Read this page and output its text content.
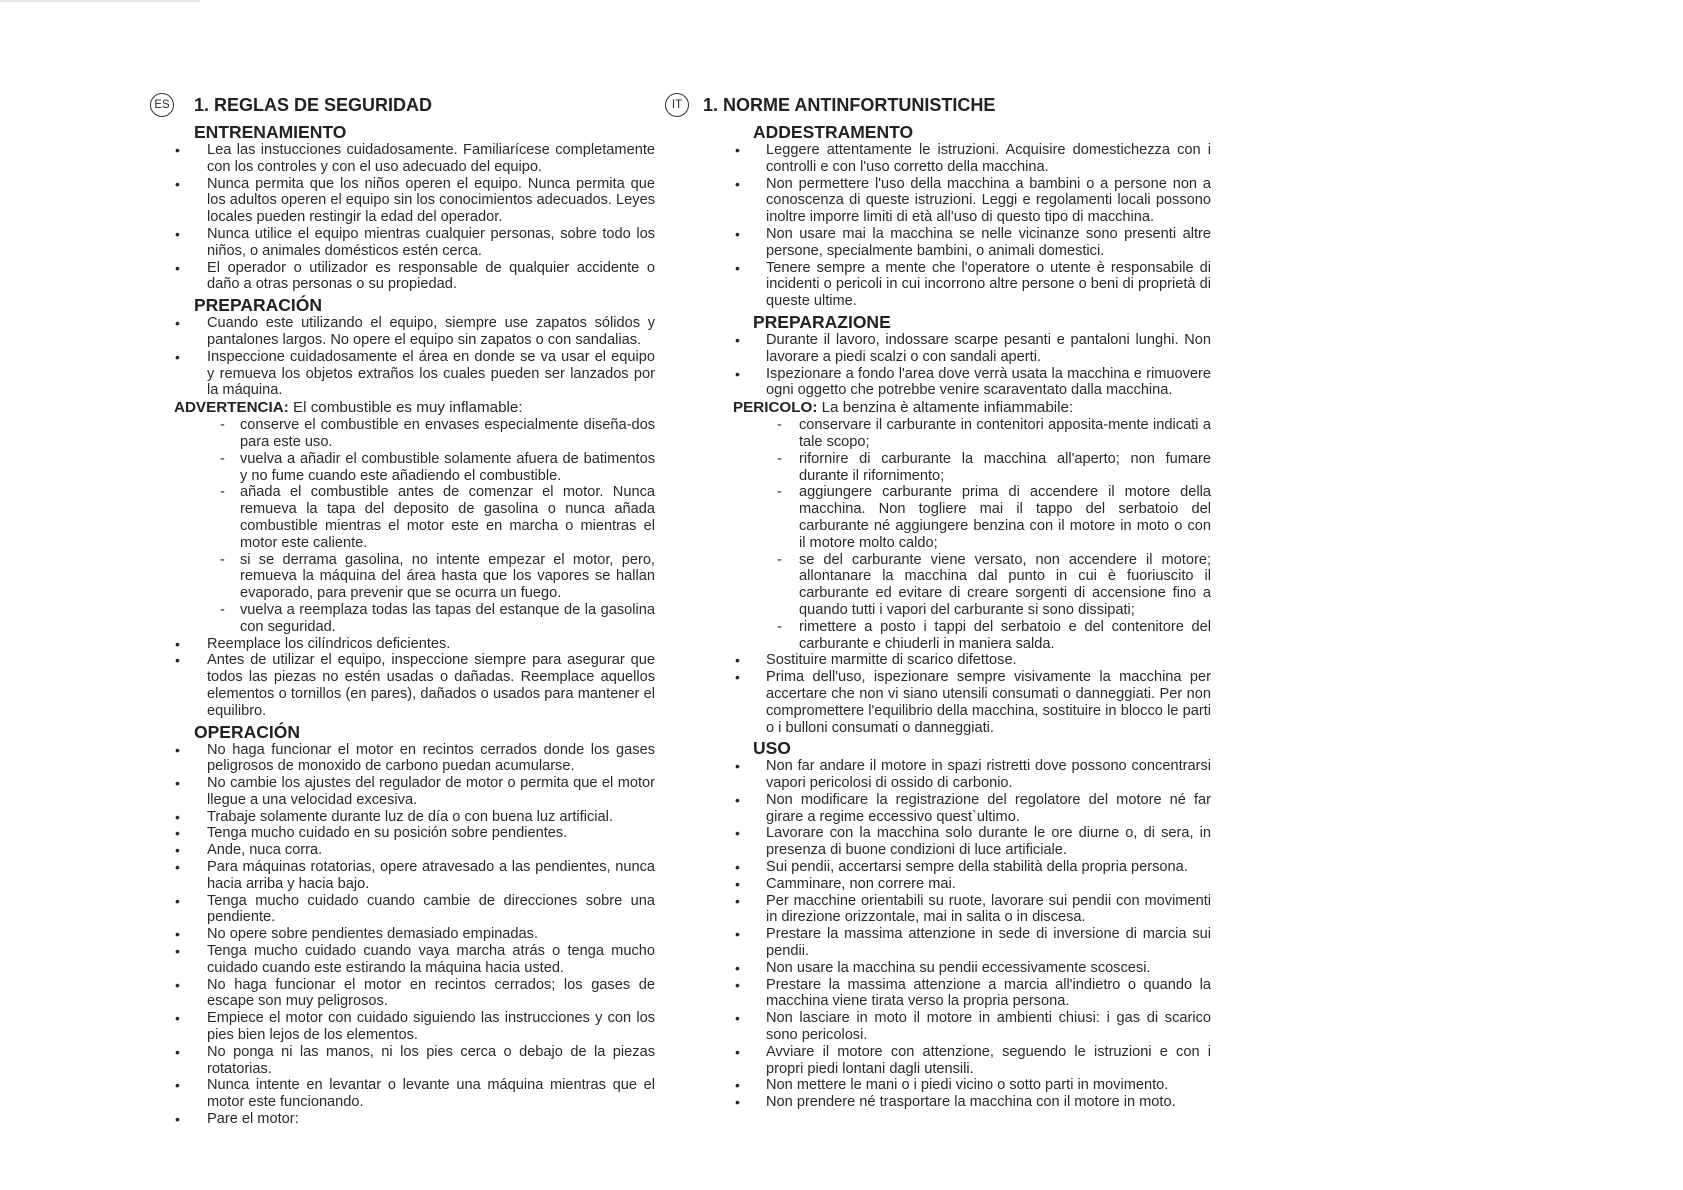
ES 1. REGLAS DE SEGURIDAD
ENTRENAMIENTO
• Lea las instucciones cuidadosamente. Familiarícese completamente con los controles y con el uso adecuado del equipo.
• Nunca permita que los niños operen el equipo. Nunca permita que los adultos operen el equipo sin los conocimientos adecuados. Leyes locales pueden restingir la edad del operador.
• Nunca utilice el equipo mientras cualquier personas, sobre todo los niños, o animales domésticos estén cerca.
• El operador o utilizador es responsable de qualquier accidente o daño a otras personas o su propiedad.
PREPARACIÓN
• Cuando este utilizando el equipo, siempre use zapatos sólidos y pantalones largos. No opere el equipo sin zapatos o con sandalias.
• Inspeccione cuidadosamente el área en donde se va usar el equipo y remueva los objetos extraños los cuales pueden ser lanzados por la máquina.
ADVERTENCIA: El combustible es muy inflamable:
- conserve el combustible en envases especialmente diseña-dos para este uso.
- vuelva a añadir el combustible solamente afuera de batimentos y no fume cuando este añadiendo el combustible.
- añada el combustible antes de comenzar el motor. Nunca remueva la tapa del deposito de gasolina o nunca añada combustible mientras el motor este en marcha o mientras el motor este caliente.
- si se derrama gasolina, no intente empezar el motor, pero, remueva la máquina del área hasta que los vapores se hallan evaporado, para prevenir que se ocurra un fuego.
- vuelva a reemplaza todas las tapas del estanque de la gasolina con seguridad.
• Reemplace los cilíndricos deficientes.
• Antes de utilizar el equipo, inspeccione siempre para asegurar que todos las piezas no estén usadas o dañadas. Reemplace aquellos elementos o tornillos (en pares), dañados o usados para mantener el equilibro.
OPERACIÓN
• No haga funcionar el motor en recintos cerrados donde los gases peligrosos de monoxido de carbono puedan acumularse.
• No cambie los ajustes del regulador de motor o permita que el motor llegue a una velocidad excesiva.
• Trabaje solamente durante luz de día o con buena luz artificial.
• Tenga mucho cuidado en su posición sobre pendientes.
• Ande, nuca corra.
• Para máquinas rotatorias, opere atravesado a las pendientes, nunca hacia arriba y hacia bajo.
• Tenga mucho cuidado cuando cambie de direcciones sobre una pendiente.
• No opere sobre pendientes demasiado empinadas.
• Tenga mucho cuidado cuando vaya marcha atrás o tenga mucho cuidado cuando este estirando la máquina hacia usted.
• No haga funcionar el motor en recintos cerrados; los gases de escape son muy peligrosos.
• Empiece el motor con cuidado siguiendo las instrucciones y con los pies bien lejos de los elementos.
• No ponga ni las manos, ni los pies cerca o debajo de la piezas rotatorias.
• Nunca intente en levantar o levante una máquina mientras que el motor este funcionando.
• Pare el motor:
IT	1. NORME ANTINFORTUNISTICHE
ADDESTRAMENTO
• Leggere attentamente le istruzioni. Acquisire domestichezza con i controlli e con l'uso corretto della macchina.
• Non permettere l'uso della macchina a bambini o a persone non a conoscenza di queste istruzioni. Leggi e regolamenti locali possono inoltre imporre limiti di età all'uso di questo tipo di macchina.
• Non usare mai la macchina se nelle vicinanze sono presenti altre persone, specialmente bambini, o animali domestici.
• Tenere sempre a mente che l'operatore o utente è responsabile di incidenti o pericoli in cui incorrono altre persone o beni di proprietà di queste ultime.
PREPARAZIONE
• Durante il lavoro, indossare scarpe pesanti e pantaloni lunghi. Non lavorare a piedi scalzi o con sandali aperti.
• Ispezionare a fondo l'area dove verrà usata la macchina e rimuovere ogni oggetto che potrebbe venire scaraventato dalla macchina.
PERICOLO: La benzina è altamente infiammabile:
- conservare il carburante in contenitori apposita-mente indicati a tale scopo;
- rifornire di carburante la macchina all'aperto; non fumare durante il rifornimento;
- aggiungere carburante prima di accendere il motore della macchina. Non togliere mai il tappo del serbatoio del carburante né aggiungere benzina con il motore in moto o con il motore molto caldo;
- se del carburante viene versato, non accendere il motore; allontanare la macchina dal punto in cui è fuoriuscito il carburante ed evitare di creare sorgenti di accensione fino a quando tutti i vapori del carburante si sono dissipati;
- rimettere a posto i tappi del serbatoio e del contenitore del carburante e chiuderli in maniera salda.
• Sostituire marmitte di scarico difettose.
• Prima dell'uso, ispezionare sempre visivamente la macchina per accertare che non vi siano utensili consumati o danneggiati. Per non compromettere l'equilibrio della macchina, sostituire in blocco le parti o i bulloni consumati o danneggiati.
USO
• Non far andare il motore in spazi ristretti dove possono concentrarsi vapori pericolosi di ossido di carbonio.
• Non modificare la registrazione del regolatore del motore né far girare a regime eccessivo quest`ultimo.
• Lavorare con la macchina solo durante le ore diurne o, di sera, in presenza di buone condizioni di luce artificiale.
• Sui pendii, accertarsi sempre della stabilità della propria persona.
• Camminare, non correre mai.
• Per macchine orientabili su ruote, lavorare sui pendii con movimenti in direzione orizzontale, mai in salita o in discesa.
• Prestare la massima attenzione in sede di inversione di marcia sui pendii.
• Non usare la macchina su pendii eccessivamente scoscesi.
• Prestare la massima attenzione a marcia all'indietro o quando la macchina viene tirata verso la propria persona.
• Non lasciare in moto il motore in ambienti chiusi: i gas di scarico sono pericolosi.
• Avviare il motore con attenzione, seguendo le istruzioni e con i propri piedi lontani dagli utensili.
• Non mettere le mani o i piedi vicino o sotto parti in movimento.
• Non prendere né trasportare la macchina con il motore in moto.
